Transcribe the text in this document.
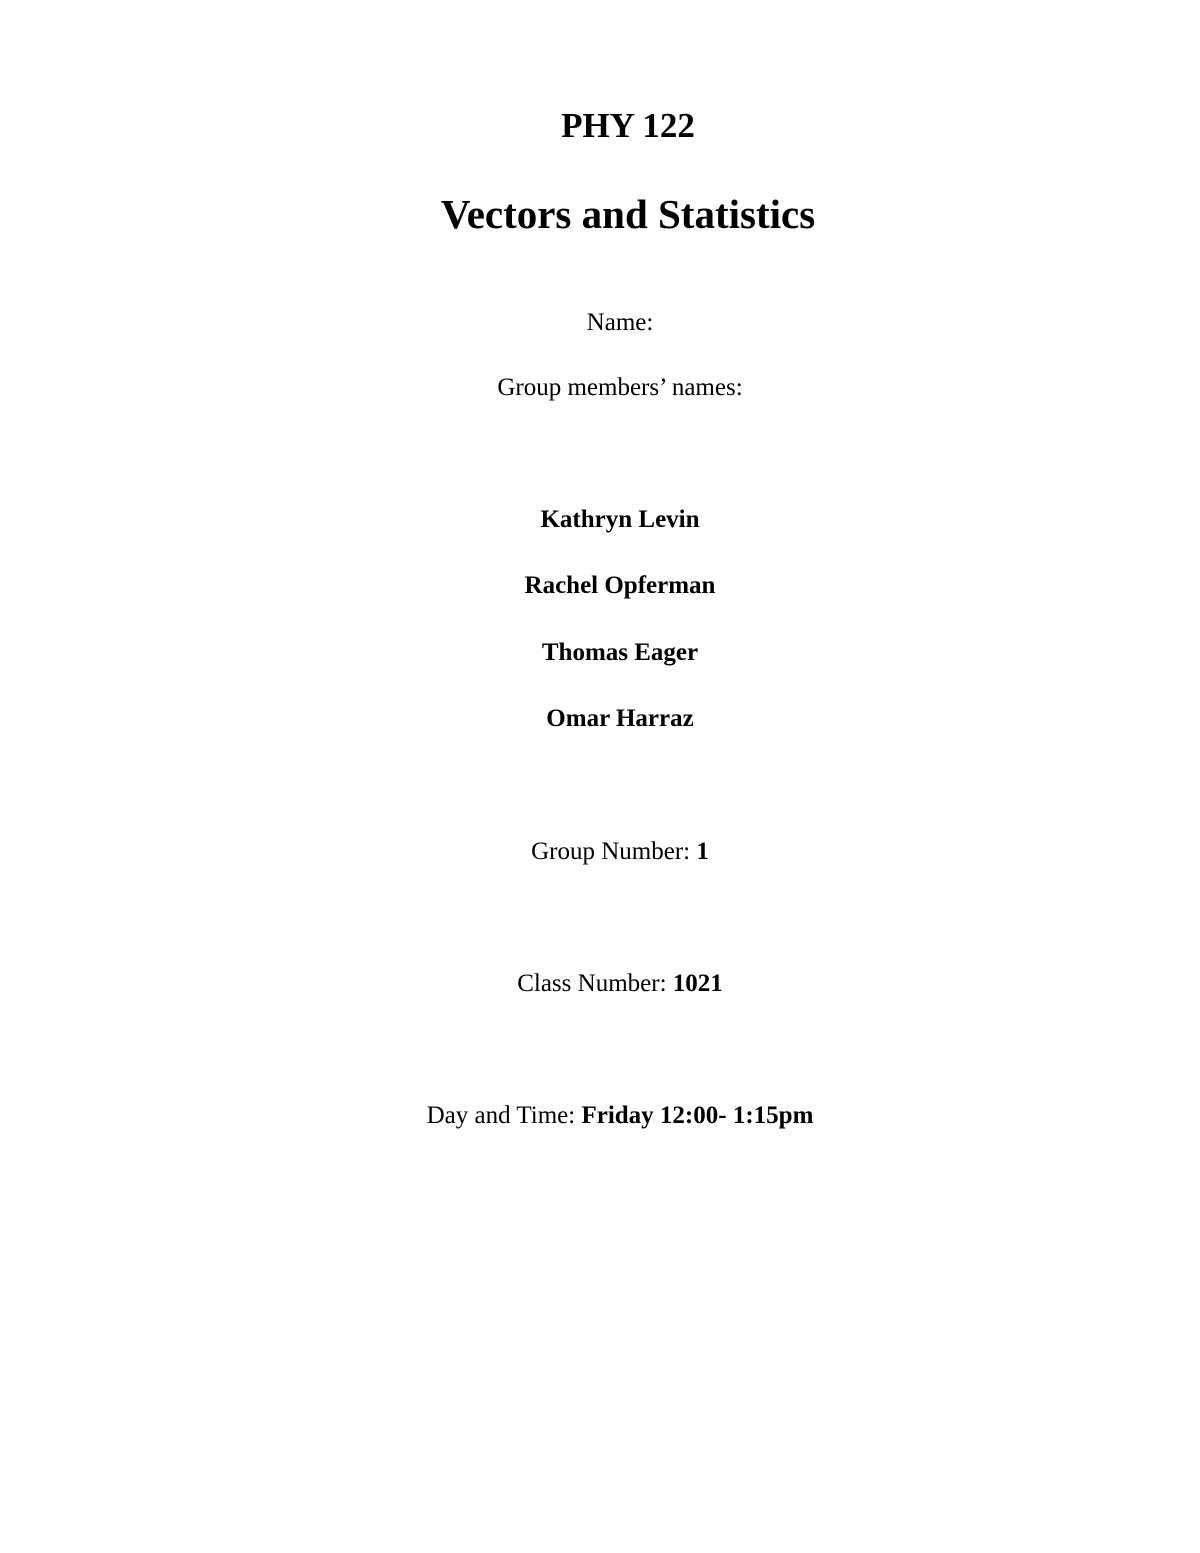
PHY 122
Vectors and Statistics
Name:
Group members’ names:
Kathryn Levin
Rachel Opferman
Thomas Eager
Omar Harraz
Group Number: 1
Class Number: 1021
Day and Time: Friday 12:00- 1:15pm
